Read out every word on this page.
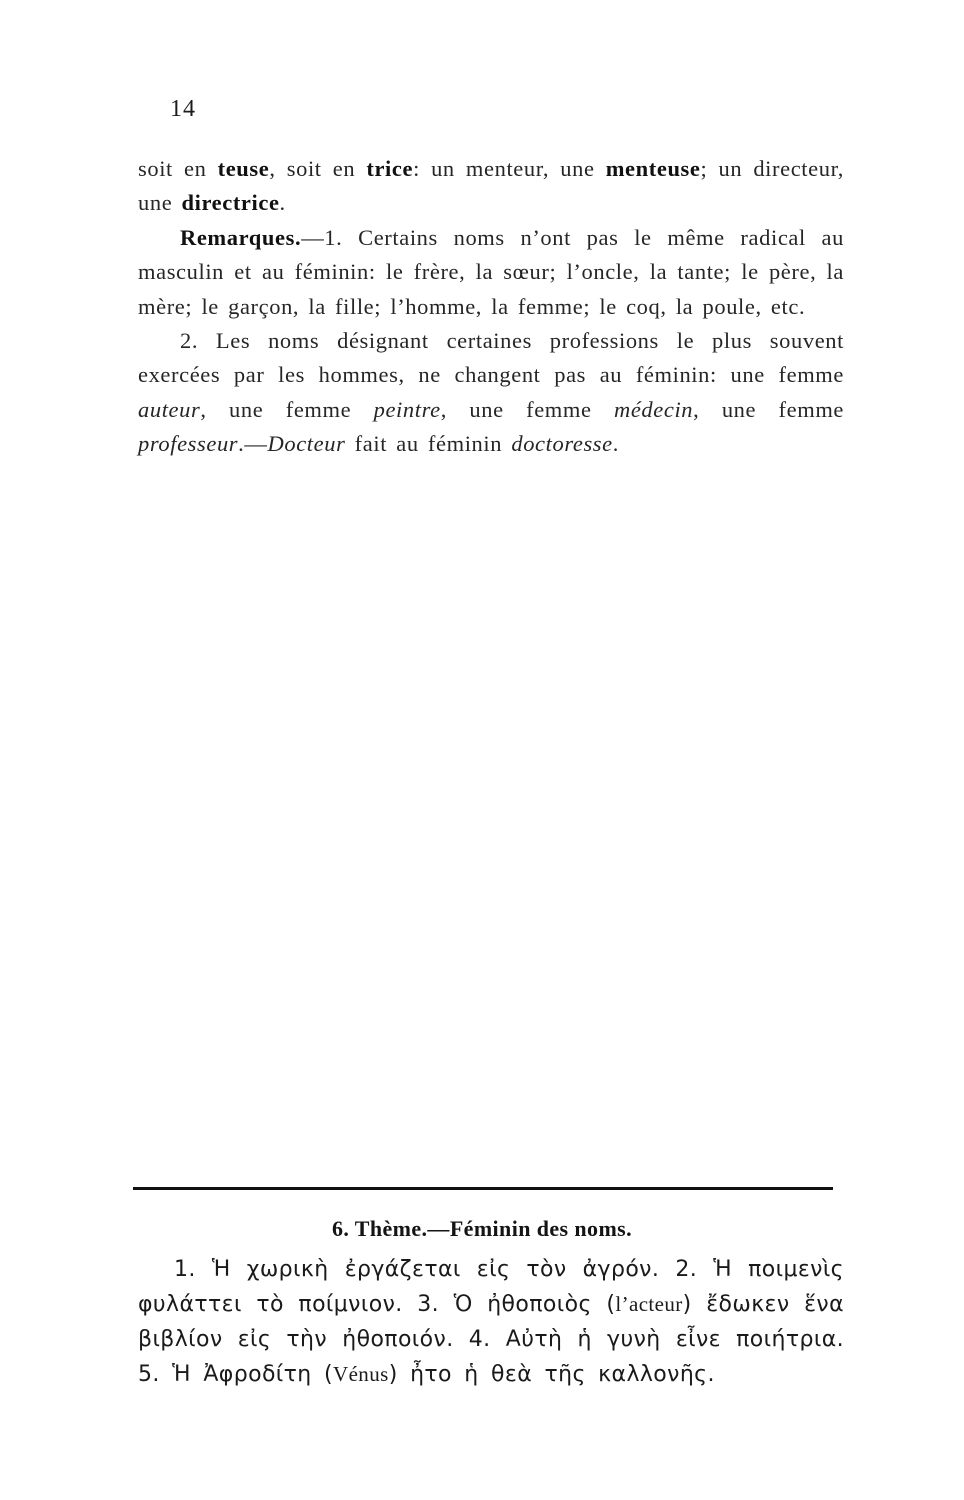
14

soit en teuse, soit en trice: un menteur, une menteuse; un directeur, une directrice.

Remarques.—1. Certains noms n’ont pas le même radical au masculin et au féminin: le frère, la sœur; l’oncle, la tante; le père, la mère; le garçon, la fille; l’homme, la femme; le coq, la poule, etc.

2. Les noms désignant certaines professions le plus souvent exercées par les hommes, ne changent pas au féminin: une femme auteur, une femme peintre, une femme médecin, une femme professeur.—Docteur fait au féminin doctoresse.

6. Thème.—Féminin des noms.

1. Ἡ χωρικὴ ἐργάζεται εἰς τὸν ἀγρόν. 2. Ἡ ποιμενὶς φυλάττει τὸ ποίμνιον. 3. Ὁ ἠθοποιὸς (l’acteur) ἔδωκεν ἕνα βιβλίον εἰς τὴν ἠθοποιόν. 4. Αὐτὴ ἡ γυνὴ εἶνε ποιήτρια. 5. Ἡ Ἀφροδίτη (Vénus) ἦτο ἡ θεὰ τῆς καλλονῆς.
